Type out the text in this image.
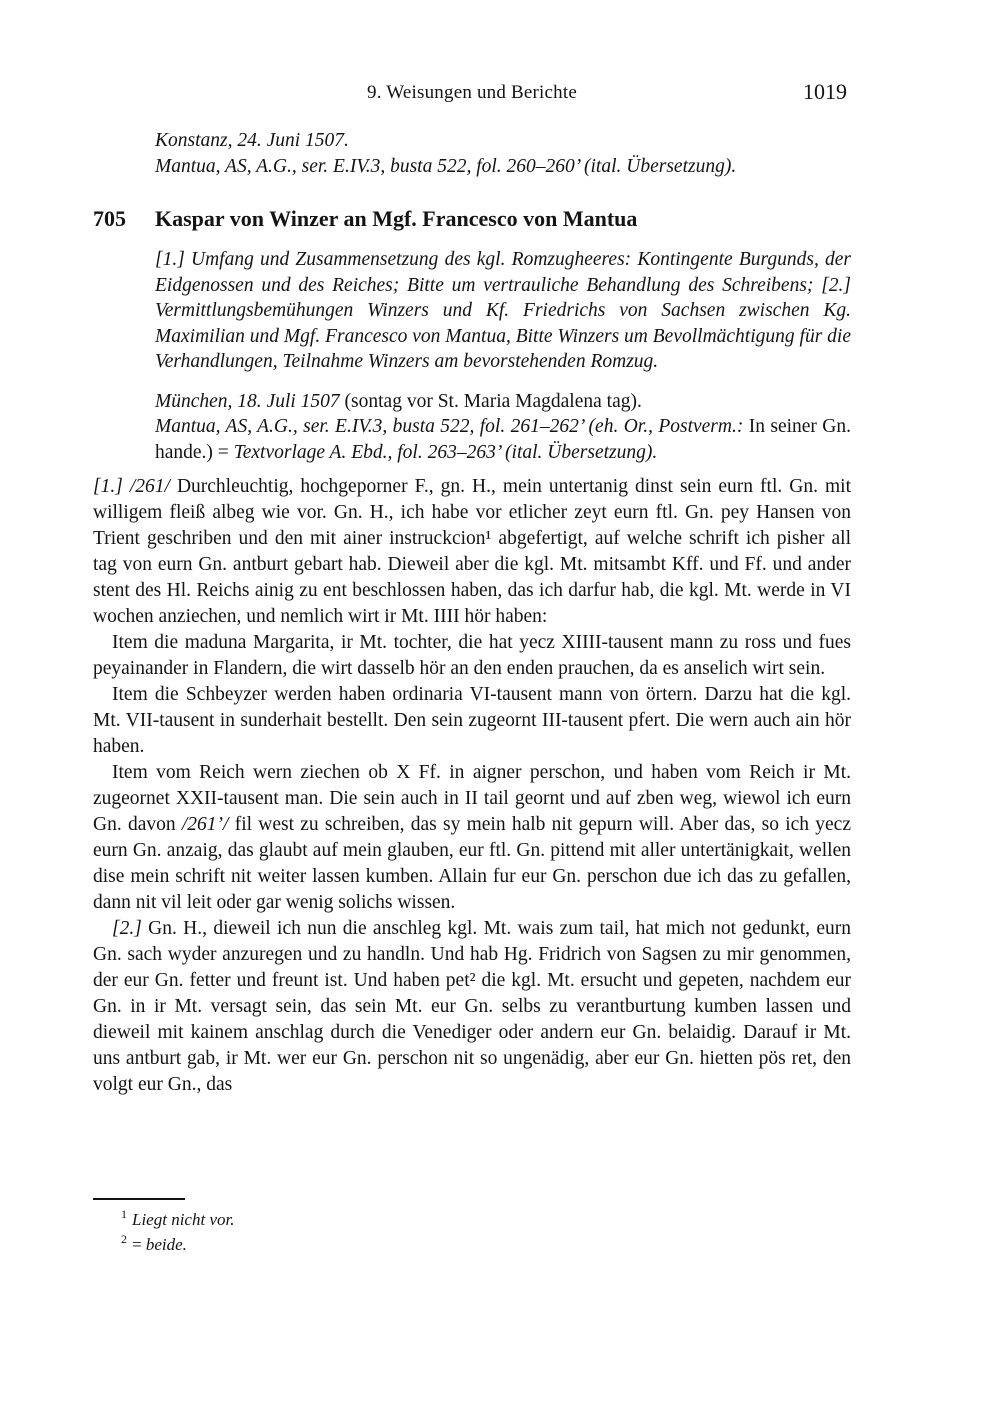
9. Weisungen und Berichte	1019
Konstanz, 24. Juni 1507.
Mantua, AS, A.G., ser. E.IV.3, busta 522, fol. 260–260’ (ital. Übersetzung).
705	Kaspar von Winzer an Mgf. Francesco von Mantua

[1.] Umfang und Zusammensetzung des kgl. Romzugheeres: Kontingente Burgunds, der Eidgenossen und des Reiches; Bitte um vertrauliche Behandlung des Schreibens; [2.] Vermittlungsbemühungen Winzers und Kf. Friedrichs von Sachsen zwischen Kg. Maximilian und Mgf. Francesco von Mantua, Bitte Winzers um Bevollmächtigung für die Verhandlungen, Teilnahme Winzers am bevorstehenden Romzug.

München, 18. Juli 1507 (sontag vor St. Maria Magdalena tag).
Mantua, AS, A.G., ser. E.IV.3, busta 522, fol. 261–262’ (eh. Or., Postverm.: In seiner Gn. hande.) = Textvorlage A. Ebd., fol. 263–263’ (ital. Übersetzung).

[1.] /261/ Durchleuchtig, hochgeporner F., gn. H., mein untertanig dinst sein eurn ftl. Gn. mit willigem fleiß albeg wie vor. Gn. H., ich habe vor etlicher zeyt eurn ftl. Gn. pey Hansen von Trient geschriben und den mit ainer instruckcion¹ abgefertigt, auf welche schrift ich pisher all tag von eurn Gn. antburt gebart hab. Dieweil aber die kgl. Mt. mitsambt Kff. und Ff. und ander stent des Hl. Reichs ainig zu ent beschlossen haben, das ich darfur hab, die kgl. Mt. werde in VI wochen anziechen, und nemlich wirt ir Mt. IIII hör haben:

Item die maduna Margarita, ir Mt. tochter, die hat yecz XIIII-tausent mann zu ross und fues peyainander in Flandern, die wirt dasselb hör an den enden prauchen, da es anselich wirt sein.

Item die Schbeyzer werden haben ordinaria VI-tausent mann von örtern. Darzu hat die kgl. Mt. VII-tausent in sunderhait bestellt. Den sein zugeornt III-tausent pfert. Die wern auch ain hör haben.

Item vom Reich wern ziechen ob X Ff. in aigner perschon, und haben vom Reich ir Mt. zugeornet XXII-tausent man. Die sein auch in II tail geornt und auf zben weg, wiewol ich eurn Gn. davon /261’/ fil west zu schreiben, das sy mein halb nit gepurn will. Aber das, so ich yecz eurn Gn. anzaig, das glaubt auf mein glauben, eur ftl. Gn. pittend mit aller untertänigkait, wellen dise mein schrift nit weiter lassen kumben. Allain fur eur Gn. perschon due ich das zu gefallen, dann nit vil leit oder gar wenig solichs wissen.

[2.] Gn. H., dieweil ich nun die anschleg kgl. Mt. wais zum tail, hat mich not gedunkt, eurn Gn. sach wyder anzuregen und zu handln. Und hab Hg. Fridrich von Sagsen zu mir genommen, der eur Gn. fetter und freunt ist. Und haben pet² die kgl. Mt. ersucht und gepeten, nachdem eur Gn. in ir Mt. versagt sein, das sein Mt. eur Gn. selbs zu verantburtung kumben lassen und dieweil mit kainem anschlag durch die Venediger oder andern eur Gn. belaidig. Darauf ir Mt. uns antburt gab, ir Mt. wer eur Gn. perschon nit so ungenädig, aber eur Gn. hietten pös ret, den volgt eur Gn., das

$^1$ Liegt nicht vor.
$^2$ = beide.
